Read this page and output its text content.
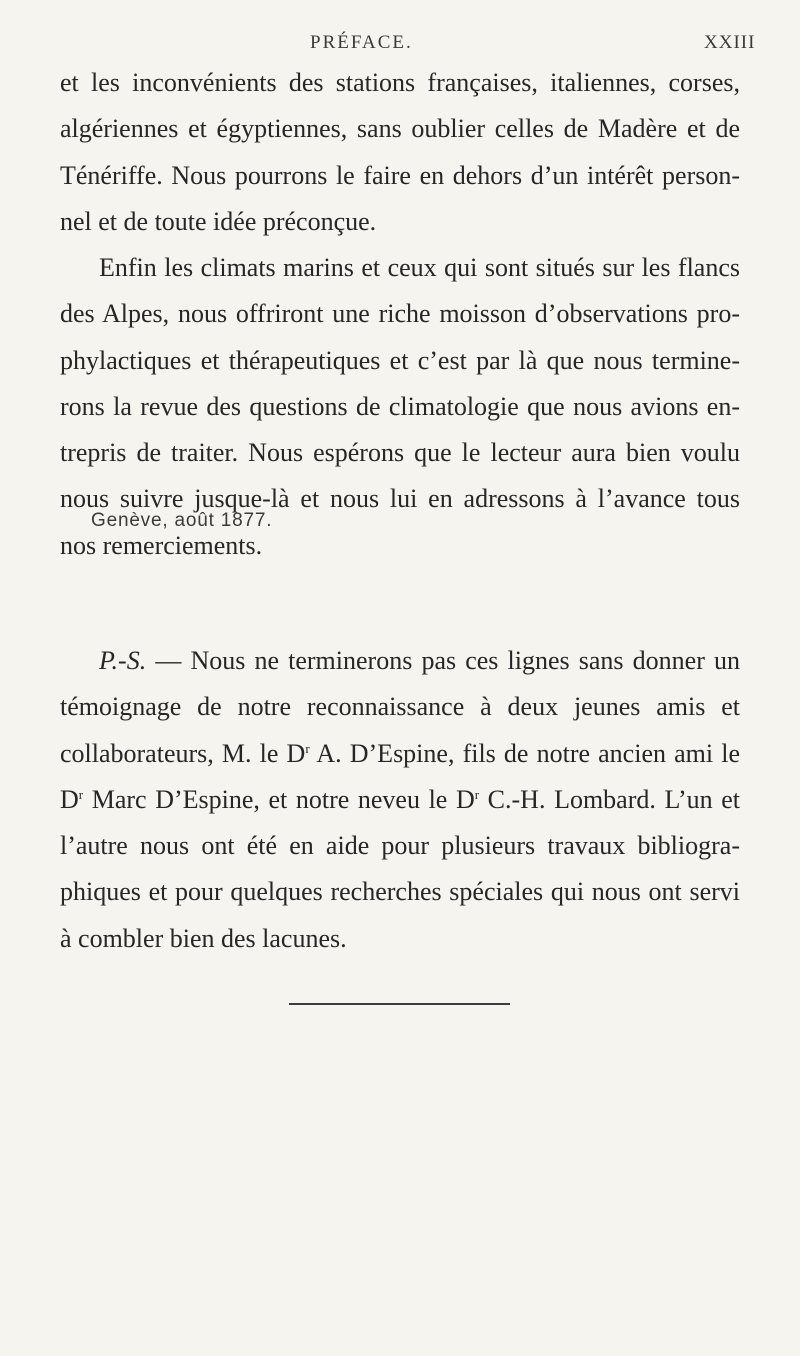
PRÉFACE.	XXIII
et les inconvénients des stations françaises, italiennes, corses,
algériennes et égyptiennes, sans oublier celles de Madère et de
Ténériffe. Nous pourrons le faire en dehors d’un intérêt person-
nel et de toute idée préconçue.
Enfin les climats marins et ceux qui sont situés sur les flancs
des Alpes, nous offriront une riche moisson d’observations pro-
phylactiques et thérapeutiques et c’est par là que nous termine-
rons la revue des questions de climatologie que nous avions en-
trepris de traiter. Nous espérons que le lecteur aura bien voulu
nous suivre jusque-là et nous lui en adressons à l’avance tous
nos remerciements.
Genève, août 1877.
P.-S. — Nous ne terminerons pas ces lignes sans donner un
témoignage de notre reconnaissance à deux jeunes amis et
collaborateurs, M. le $D^r$ A. D’Espine, fils de notre ancien ami le
$D^r$ Marc D’Espine, et notre neveu le $D^r$ C.-H. Lombard. L’un et
l’autre nous ont été en aide pour plusieurs travaux bibliogra-
phiques et pour quelques recherches spéciales qui nous ont servi
à combler bien des lacunes.
